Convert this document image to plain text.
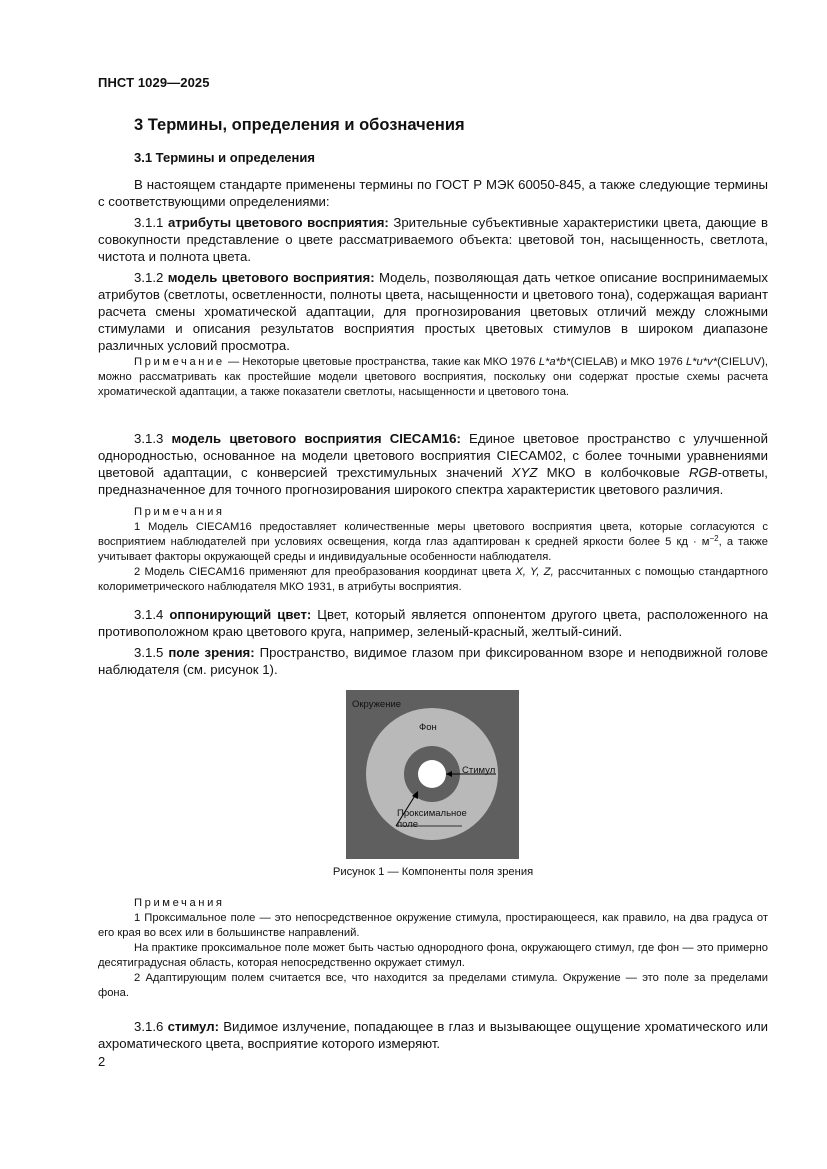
ПНСТ 1029—2025
3 Термины, определения и обозначения
3.1 Термины и определения

В настоящем стандарте применены термины по ГОСТ Р МЭК 60050-845, а также следующие термины с соответствующими определениями:

3.1.1 атрибуты цветового восприятия: Зрительные субъективные характеристики цвета, дающие в совокупности представление о цвете рассматриваемого объекта: цветовой тон, насыщенность, светлота, чистота и полнота цвета.

3.1.2 модель цветового восприятия: Модель, позволяющая дать четкое описание воспринимаемых атрибутов (светлоты, осветленности, полноты цвета, насыщенности и цветового тона), содержащая вариант расчета смены хроматической адаптации, для прогнозирования цветовых отличий между сложными стимулами и описания результатов восприятия простых цветовых стимулов в широком диапазоне различных условий просмотра.

Примечание — Некоторые цветовые пространства, такие как МКО 1976 L*a*b*(CIELAB) и МКО 1976 L*u*v*(CIELUV), можно рассматривать как простейшие модели цветового восприятия, поскольку они содержат простые схемы расчета хроматической адаптации, а также показатели светлоты, насыщенности и цветового тона.

3.1.3 модель цветового восприятия CIECAM16: Единое цветовое пространство с улучшенной однородностью, основанное на модели цветового восприятия CIECAM02, с более точными уравнениями цветовой адаптации, с конверсией трехстимульных значений XYZ МКО в колбочковые RGB-ответы, предназначенное для точного прогнозирования широкого спектра характеристик цветового различия.

Примечания

1 Модель CIECAM16 предоставляет количественные меры цветового восприятия цвета, которые согласуются с восприятием наблюдателей при условиях освещения, когда глаз адаптирован к средней яркости более 5 кд · $м^{-2}$, а также учитывает факторы окружающей среды и индивидуальные особенности наблюдателя.

2 Модель CIECAM16 применяют для преобразования координат цвета X, Y, Z, рассчитанных с помощью стандартного колориметрического наблюдателя МКО 1931, в атрибуты восприятия.

3.1.4 оппонирующий цвет: Цвет, который является оппонентом другого цвета, расположенного на противоположном краю цветового круга, например, зеленый-красный, желтый-синий.

3.1.5 поле зрения: Пространство, видимое глазом при фиксированном взоре и неподвижной голове наблюдателя (см. рисунок 1).

Окружение
Фон
Стимул
Проксимальное
поле
Рисунок 1 — Компоненты поля зрения

Примечания

1 Проксимальное поле — это непосредственное окружение стимула, простирающееся, как правило, на два градуса от его края во всех или в большинстве направлений.

На практике проксимальное поле может быть частью однородного фона, окружающего стимул, где фон — это примерно десятиградусная область, которая непосредственно окружает стимул.

2 Адаптирующим полем считается все, что находится за пределами стимула. Окружение — это поле за пределами фона.

3.1.6 стимул: Видимое излучение, попадающее в глаз и вызывающее ощущение хроматического или ахроматического цвета, восприятие которого измеряют.

2
